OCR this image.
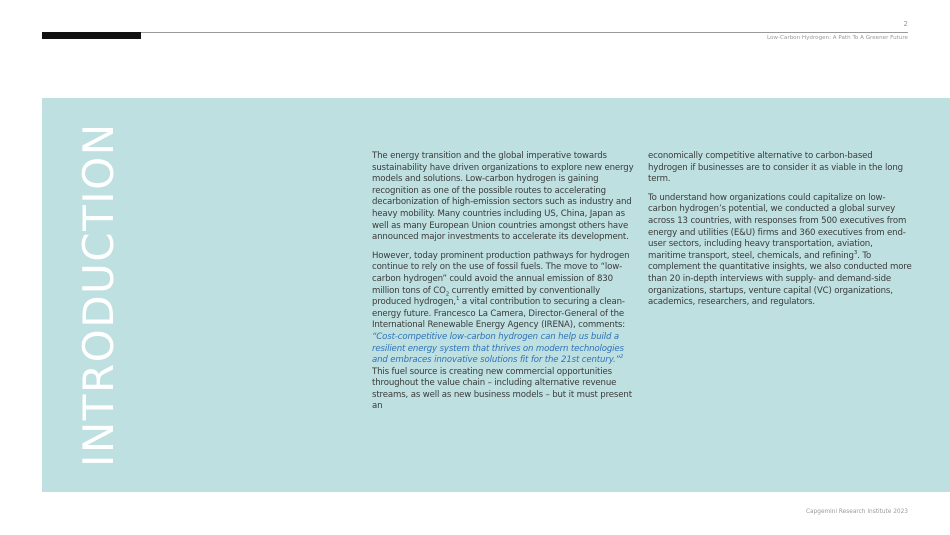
2
Low-Carbon Hydrogen: A Path To A Greener Future
INTRODUCTION	The energy transition and the global imperative towards sustainability have driven organizations to explore new energy models and solutions. Low-carbon hydrogen is gaining recognition as one of the possible routes to accelerating decarbonization of high-emission sectors such as industry and heavy mobility. Many countries including US, China, Japan as well as many European Union countries amongst others have announced major investments to accelerate its development.

However, today prominent production pathways for hydrogen continue to rely on the use of fossil fuels. The move to “low-carbon hydrogen” could avoid the annual emission of 830 million tons of $CO_2$ currently emitted by conventionally produced hydrogen,$^1$ a vital contribution to securing a clean-energy future. Francesco La Camera, Director-General of the International Renewable Energy Agency (IRENA), comments: “Cost-competitive low-carbon hydrogen can help us build a resilient energy system that thrives on modern technologies and embraces innovative solutions fit for the 21st century.”$^2$ This fuel source is creating new commercial opportunities throughout the value chain – including alternative revenue streams, as well as new business models – but it must present an

economically competitive alternative to carbon-based hydrogen if businesses are to consider it as viable in the long term.

To understand how organizations could capitalize on low-carbon hydrogen’s potential, we conducted a global survey across 13 countries, with responses from 500 executives from energy and utilities (E&U) firms and 360 executives from end-user sectors, including heavy transportation, aviation, maritime transport, steel, chemicals, and refining$^3$. To complement the quantitative insights, we also conducted more than 20 in-depth interviews with supply- and demand-side organizations, startups, venture capital (VC) organizations, academics, researchers, and regulators.

Capgemini Research Institute 2023
